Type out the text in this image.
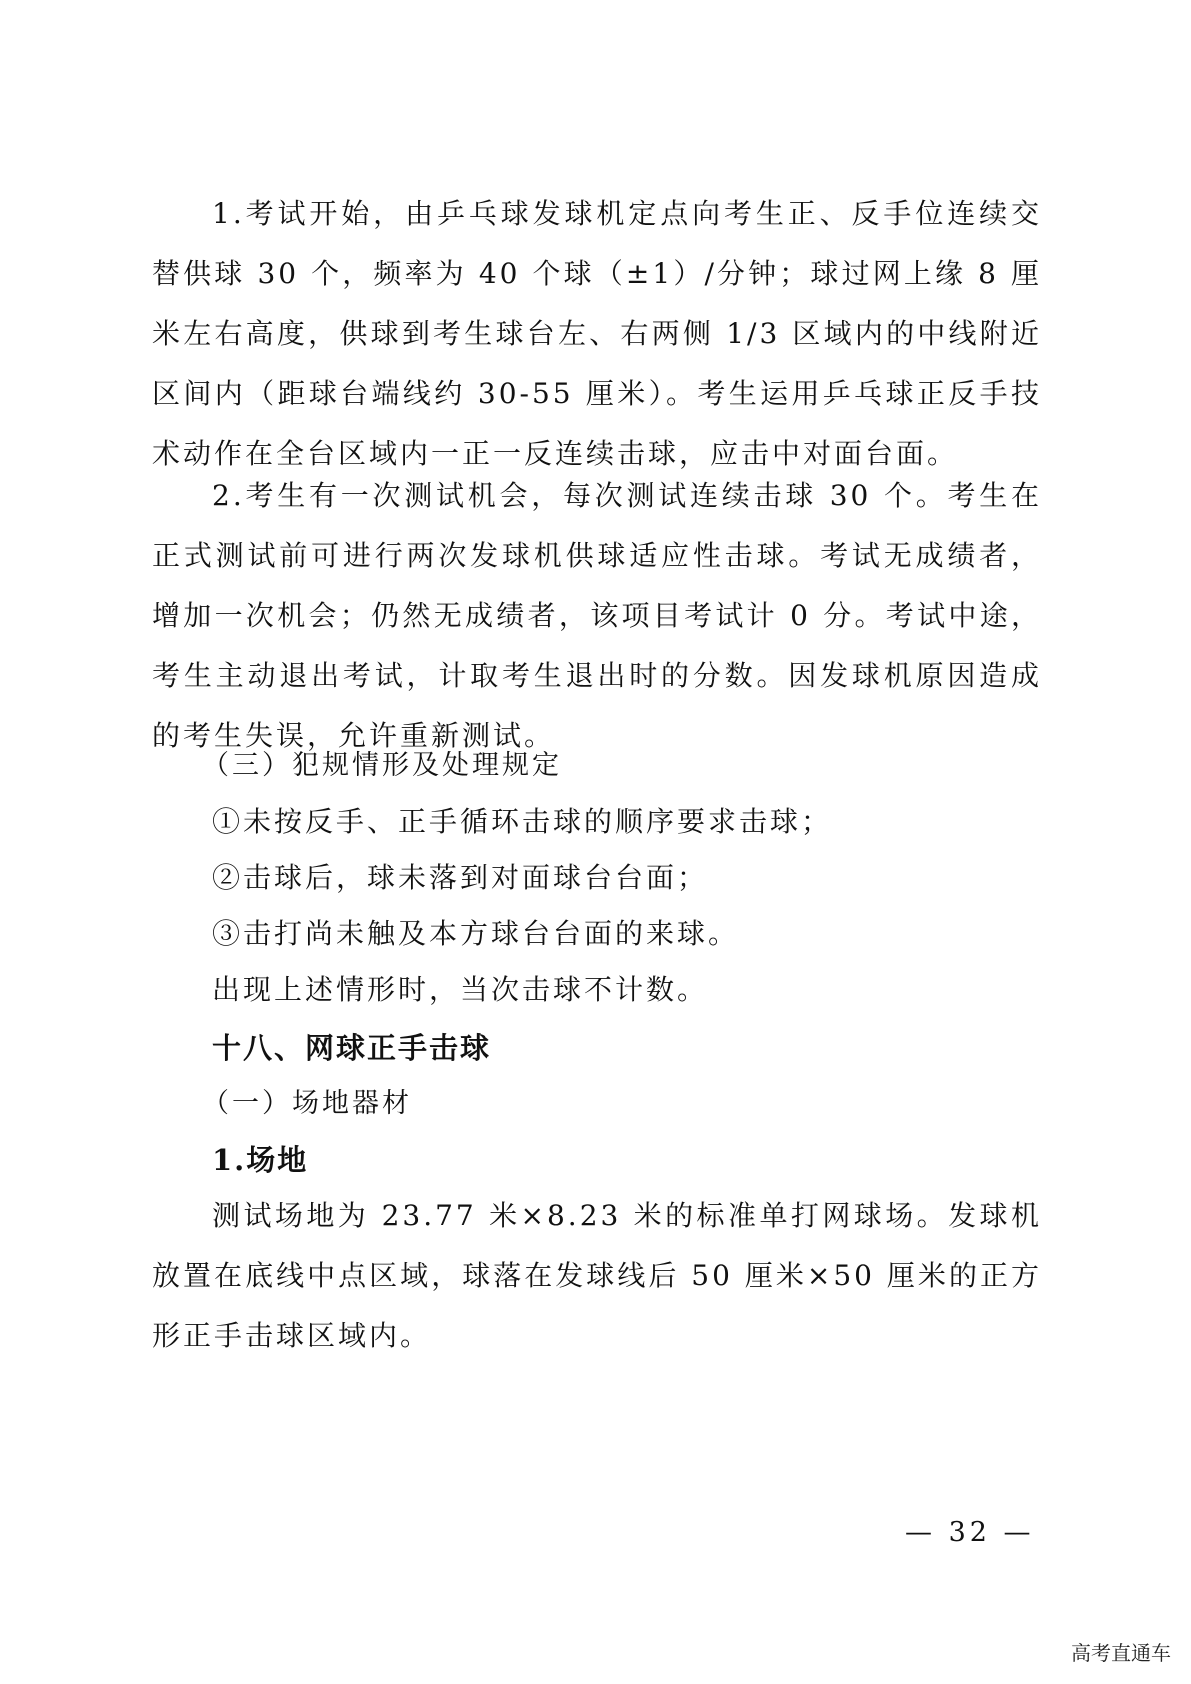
1.考试开始，由乒乓球发球机定点向考生正、反手位连续交替供球 30 个，频率为 40 个球（±1）/分钟；球过网上缘 8 厘米左右高度，供球到考生球台左、右两侧 1/3 区域内的中线附近区间内（距球台端线约 30-55 厘米）。考生运用乒乓球正反手技术动作在全台区域内一正一反连续击球，应击中对面台面。

2.考生有一次测试机会，每次测试连续击球 30 个。考生在正式测试前可进行两次发球机供球适应性击球。考试无成绩者，增加一次机会；仍然无成绩者，该项目考试计 0 分。考试中途，考生主动退出考试，计取考生退出时的分数。因发球机原因造成的考生失误，允许重新测试。

（三）犯规情形及处理规定

①未按反手、正手循环击球的顺序要求击球；

②击球后，球未落到对面球台台面；

③击打尚未触及本方球台台面的来球。

出现上述情形时，当次击球不计数。

十八、网球正手击球

（一）场地器材

1.场地

测试场地为 23.77 米×8.23 米的标准单打网球场。发球机放置在底线中点区域，球落在发球线后 50 厘米×50 厘米的正方形正手击球区域内。

— 32 —
高考直通车
